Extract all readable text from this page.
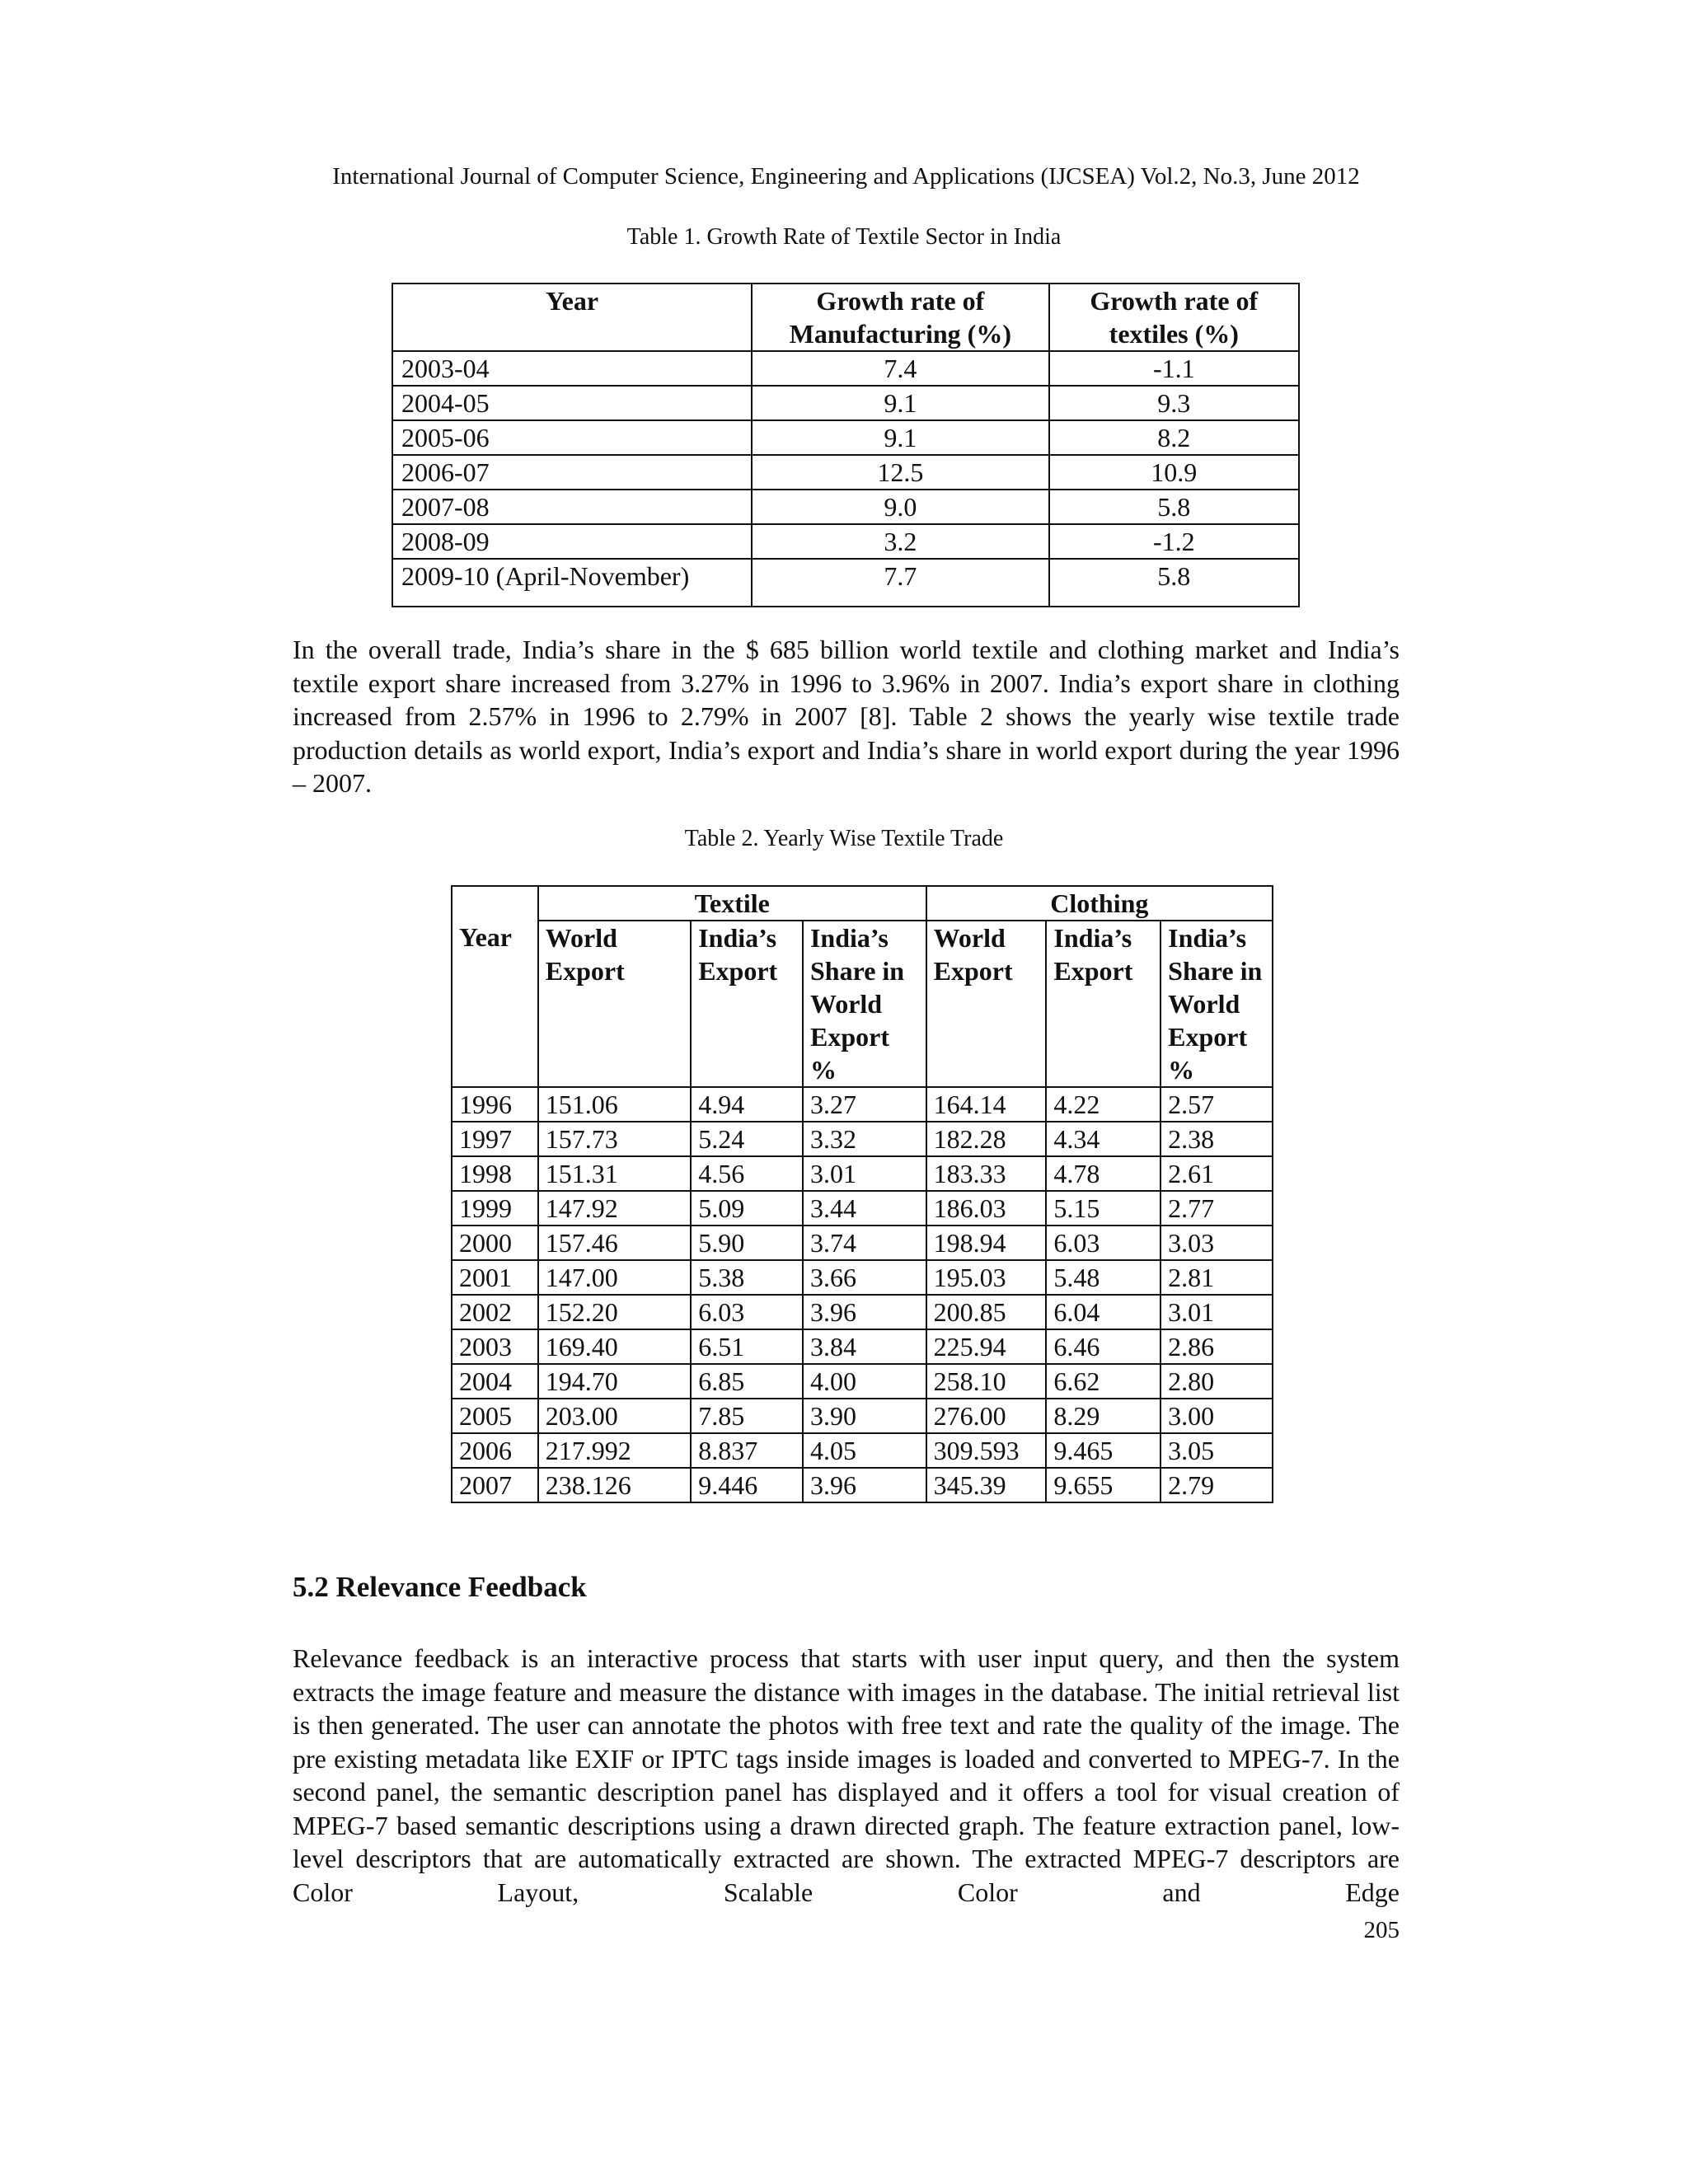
International Journal of Computer Science, Engineering and Applications (IJCSEA) Vol.2, No.3, June 2012
Table 1. Growth Rate of Textile Sector in India
Year	Growth rate of Manufacturing (%)	Growth rate of textiles (%)
2003-04	7.4	-1.1
2004-05	9.1	9.3
2005-06	9.1	8.2
2006-07	12.5	10.9
2007-08	9.0	5.8
2008-09	3.2	-1.2
2009-10 (April-November)	7.7	5.8
In the overall trade, India’s share in the $ 685 billion world textile and clothing market and India’s textile export share increased from 3.27% in 1996 to 3.96% in 2007. India’s export share in clothing increased from 2.57% in 1996 to 2.79% in 2007 [8]. Table 2 shows the yearly wise textile trade production details as world export, India’s export and India’s share in world export during the year 1996 – 2007.
Table 2. Yearly Wise Textile Trade
	Textile			Clothing		
Year	World Export	India’s Export	India’s Share in World Export %	World Export	India’s Export	India’s Share in World Export %
1996	151.06	4.94	3.27	164.14	4.22	2.57
1997	157.73	5.24	3.32	182.28	4.34	2.38
1998	151.31	4.56	3.01	183.33	4.78	2.61
1999	147.92	5.09	3.44	186.03	5.15	2.77
2000	157.46	5.90	3.74	198.94	6.03	3.03
2001	147.00	5.38	3.66	195.03	5.48	2.81
2002	152.20	6.03	3.96	200.85	6.04	3.01
2003	169.40	6.51	3.84	225.94	6.46	2.86
2004	194.70	6.85	4.00	258.10	6.62	2.80
2005	203.00	7.85	3.90	276.00	8.29	3.00
2006	217.992	8.837	4.05	309.593	9.465	3.05
2007	238.126	9.446	3.96	345.39	9.655	2.79
5.2 Relevance Feedback
Relevance feedback is an interactive process that starts with user input query, and then the system extracts the image feature and measure the distance with images in the database. The initial retrieval list is then generated. The user can annotate the photos with free text and rate the quality of the image. The pre existing metadata like EXIF or IPTC tags inside images is loaded and converted to MPEG-7. In the second panel, the semantic description panel has displayed and it offers a tool for visual creation of MPEG-7 based semantic descriptions using a drawn directed graph. The feature extraction panel, low-level descriptors that are automatically extracted are shown. The extracted MPEG-7 descriptors are Color Layout, Scalable Color and Edge
205
